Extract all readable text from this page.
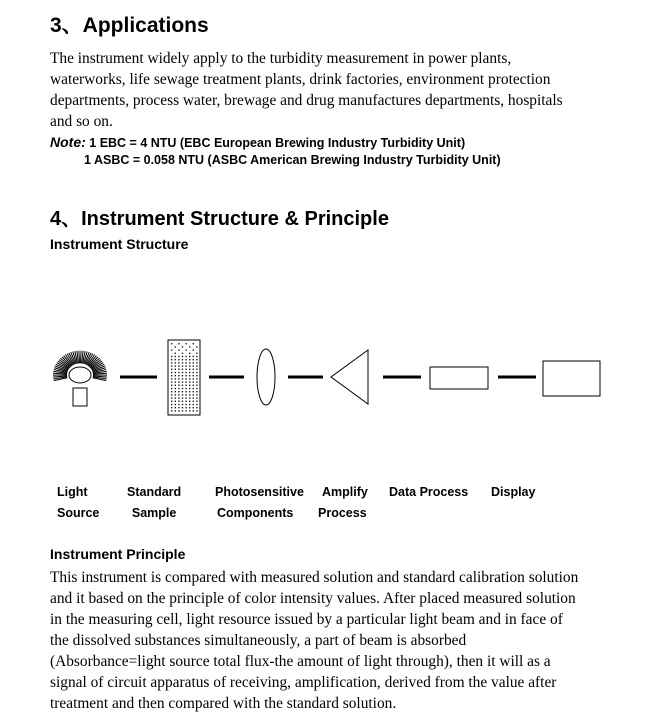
3、Applications
The instrument widely apply to the turbidity measurement in power plants,
waterworks, life sewage treatment plants, drink factories, environment protection
departments, process water, brewage and drug manufactures departments, hospitals
and so on.
Note: 1 EBC = 4 NTU (EBC European Brewing Industry Turbidity Unit)
1 ASBC = 0.058 NTU (ASBC American Brewing Industry Turbidity Unit)
4、Instrument Structure & Principle
Instrument Structure
Light
Source
Standard
Sample
Photosensitive
Components
Amplify
Process
Data Process Display
Instrument Principle
This instrument is compared with measured solution and standard calibration solution
and it based on the principle of color intensity values. After placed measured solution
in the measuring cell, light resource issued by a particular light beam and in face of
the dissolved substances simultaneously, a part of beam is absorbed
(Absorbance=light source total flux-the amount of light through), then it will as a
signal of circuit apparatus of receiving, amplification, derived from the value after
treatment and then compared with the standard solution.
